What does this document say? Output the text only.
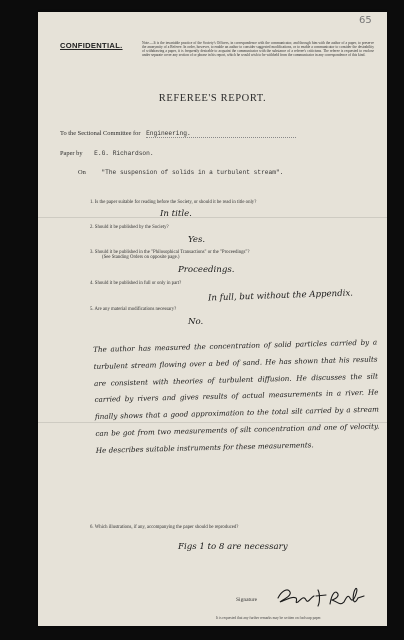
65
CONFIDENTIAL.	Note.—It is the invariable practice of the Society's Officers, in correspondence with the communicator, and through him with the author of a paper, to preserve the anonymity of a Referee. In order, however, to enable an author to consider suggested modifications, or to enable a communicator to consider the desirability of withdrawing a paper, it is frequently desirable to acquaint the communicator with the substance of a referee's criticisms. The referee is requested to enclose under separate cover any section of or phrase in his report, which he would wish to be withheld from the communicator in any correspondence of this kind.
REFEREE'S REPORT.
To the Sectional Committee for Engineering.
Paper by E.G. Richardson.
On	"The suspension of solids in a turbulent stream".
1. Is the paper suitable for reading before the Society, or should it be read in title only?
In title.
2. Should it be published by the Society?
Yes.
3. Should it be published in the "Philosophical Transactions" or the "Proceedings"?
(See Standing Orders on opposite page.)
Proceedings.
4. Should it be published in full or only in part?
In full, but without the Appendix.
5. Are any material modifications necessary?
No.
The author has measured the concentration of solid particles carried by a turbulent stream flowing over a bed of sand. He has shown that his results are consistent with theories of turbulent diffusion. He discusses the silt carried by rivers and gives results of actual measurements in a river. He finally shows that a good approximation to the total silt carried by a stream can be got from two measurements of silt concentration and one of velocity. He describes suitable instruments for these measurements.
6. Which illustrations, if any, accompanying the paper should be reproduced?
Figs 1 to 8 are necessary
Signature
It is requested that any further remarks may be written on foolscap paper.
